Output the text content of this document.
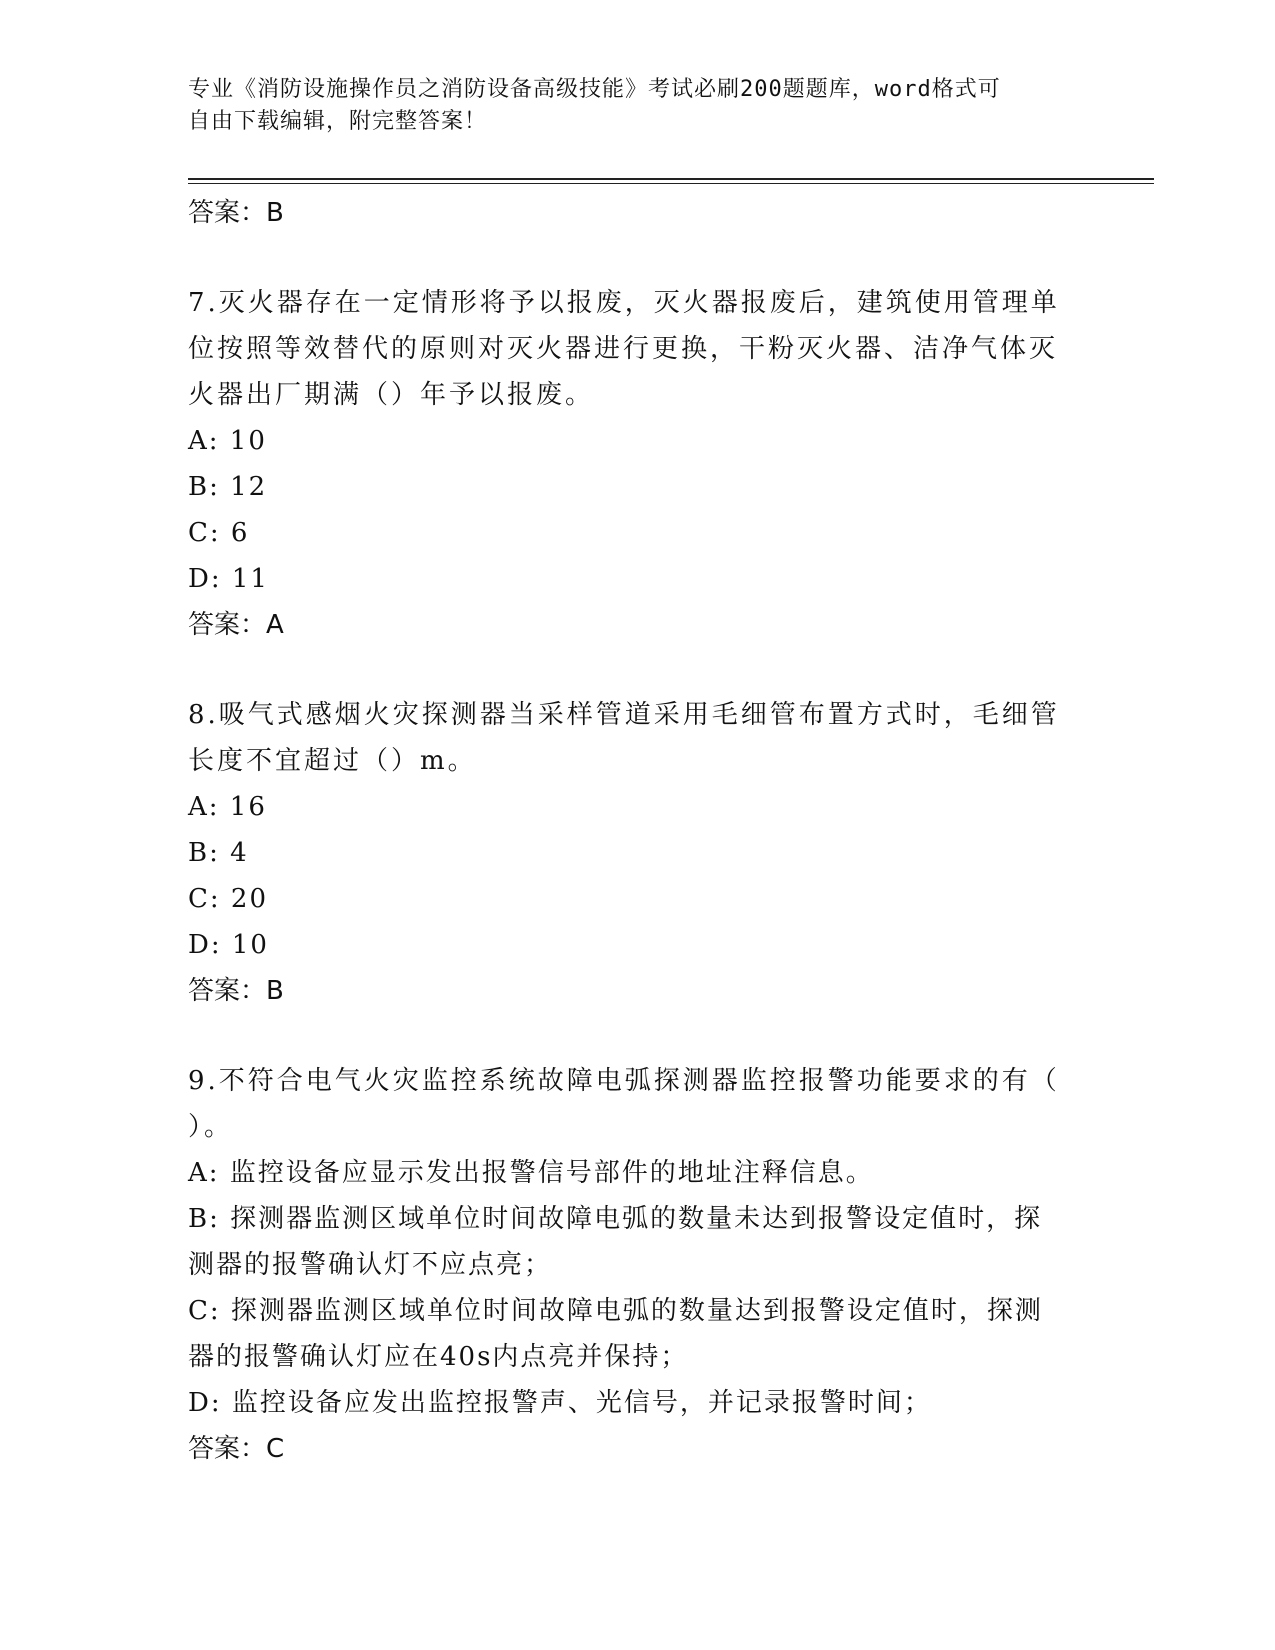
专业《消防设施操作员之消防设备高级技能》考试必刷200题题库，word格式可
自由下载编辑，附完整答案！
答案：B
7.灭火器存在一定情形将予以报废，灭火器报废后，建筑使用管理单
位按照等效替代的原则对灭火器进行更换，干粉灭火器、洁净气体灭
火器出厂期满（）年予以报废。
A: 10
B: 12
C: 6
D: 11
答案：A
8.吸气式感烟火灾探测器当采样管道采用毛细管布置方式时，毛细管
长度不宜超过（）m。
A: 16
B: 4
C: 20
D: 10
答案：B
9.不符合电气火灾监控系统故障电弧探测器监控报警功能要求的有（
）。
A: 监控设备应显示发出报警信号部件的地址注释信息。
B: 探测器监测区域单位时间故障电弧的数量未达到报警设定值时，探
测器的报警确认灯不应点亮；
C: 探测器监测区域单位时间故障电弧的数量达到报警设定值时，探测
器的报警确认灯应在40s内点亮并保持；
D: 监控设备应发出监控报警声、光信号，并记录报警时间；
答案：C
